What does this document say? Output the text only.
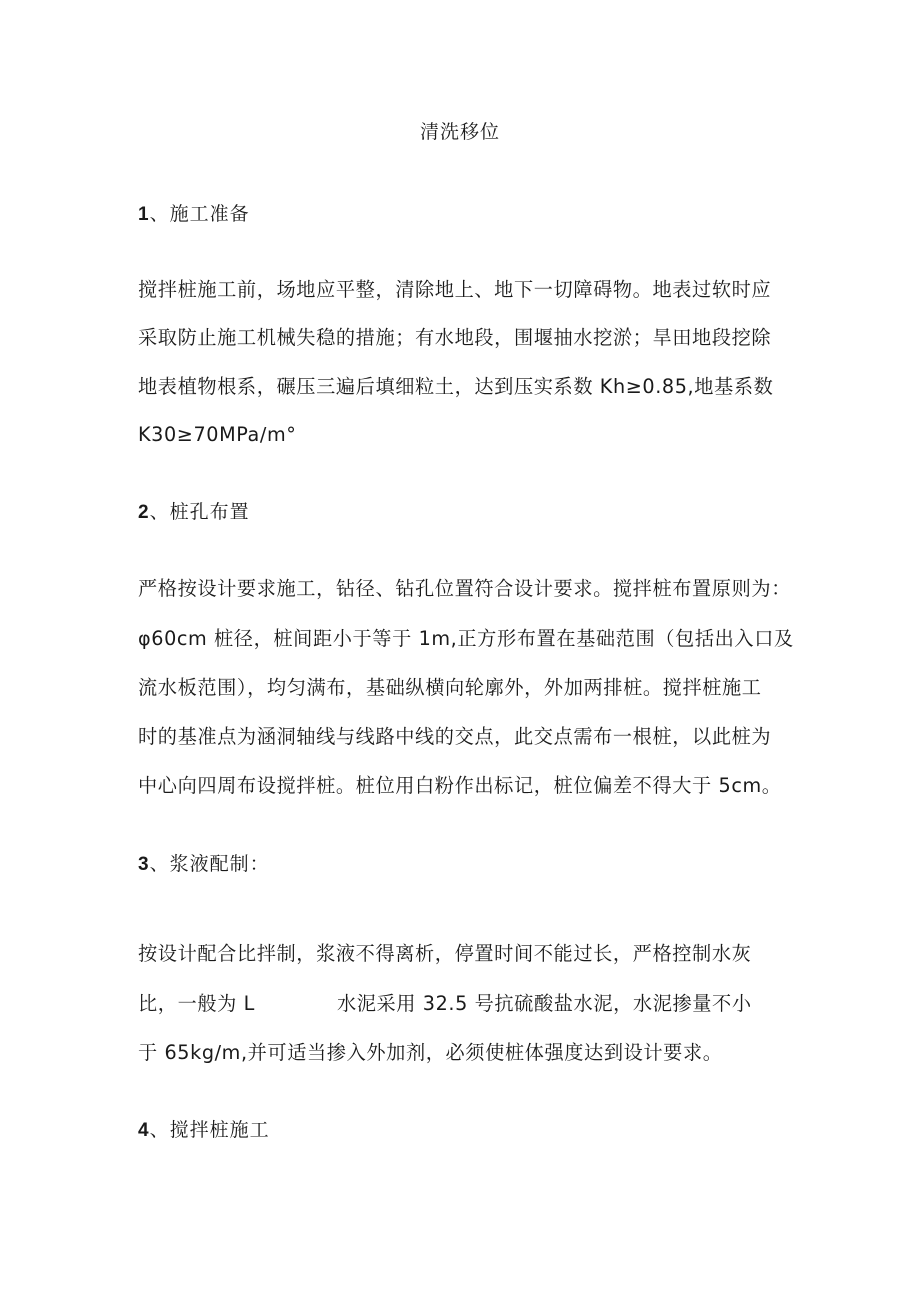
清洗移位
1、施工准备
搅拌桩施工前，场地应平整，清除地上、地下一切障碍物。地表过软时应
采取防止施工机械失稳的措施；有水地段，围堰抽水挖淤；旱田地段挖除
地表植物根系，碾压三遍后填细粒土，达到压实系数 Kh≥0.85,地基系数
K30≥70MPa∕m°
2、桩孔布置
严格按设计要求施工，钻径、钻孔位置符合设计要求。搅拌桩布置原则为：
φ60cm 桩径，桩间距小于等于 1m,正方形布置在基础范围（包括出入口及
流水板范围），均匀满布，基础纵横向轮廓外，外加两排桩。搅拌桩施工
时的基准点为涵洞轴线与线路中线的交点，此交点需布一根桩，以此桩为
中心向四周布设搅拌桩。桩位用白粉作出标记，桩位偏差不得大于 5cm。
3、浆液配制：
按设计配合比拌制，浆液不得离析，停置时间不能过长，严格控制水灰
比，一般为 L	水泥采用 32.5 号抗硫酸盐水泥，水泥掺量不小
于 65kg∕m,并可适当掺入外加剂，必须使桩体强度达到设计要求。
4、搅拌桩施工
